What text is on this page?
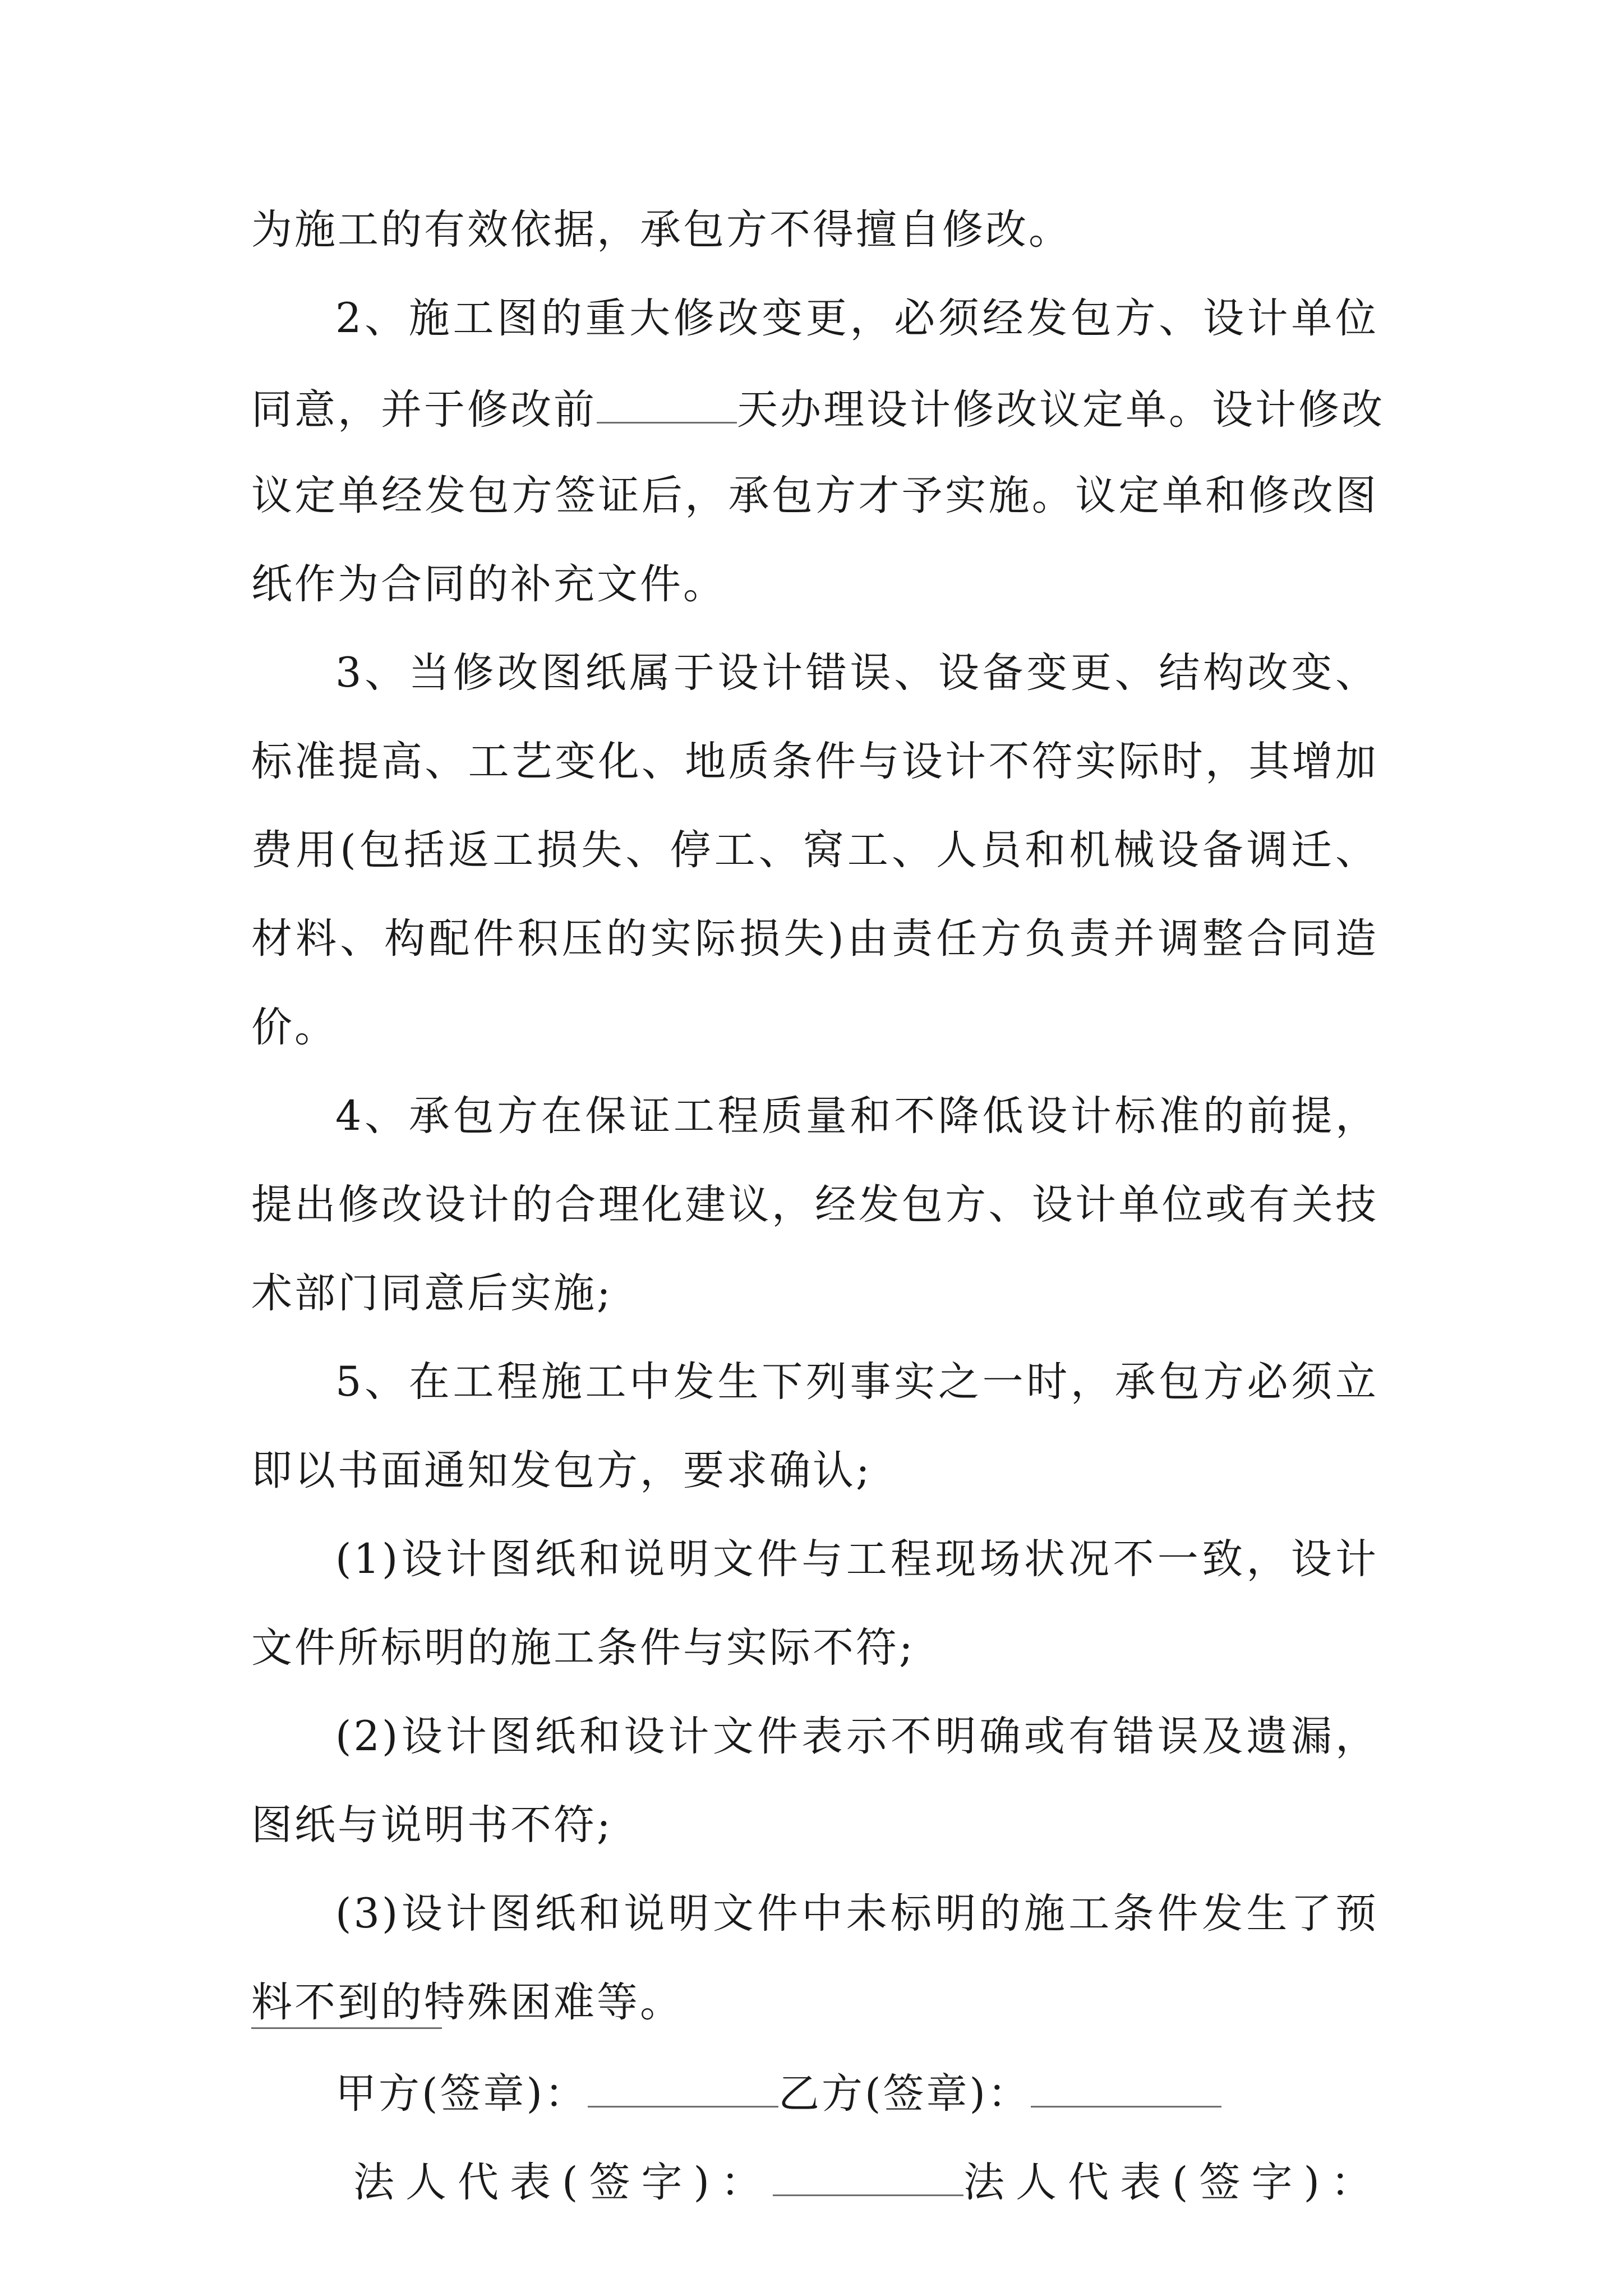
为施工的有效依据，承包方不得擅自修改。

2、施工图的重大修改变更，必须经发包方、设计单位

同意，并于修改前	天办理设计修改议定单。设计修改

议定单经发包方签证后，承包方才予实施。议定单和修改图

纸作为合同的补充文件。

3、当修改图纸属于设计错误、设备变更、结构改变、

标准提高、工艺变化、地质条件与设计不符实际时，其增加

费用(包括返工损失、停工、窝工、人员和机械设备调迁、

材料、构配件积压的实际损失)由责任方负责并调整合同造

价。

4、承包方在保证工程质量和不降低设计标准的前提，

提出修改设计的合理化建议，经发包方、设计单位或有关技

术部门同意后实施;

5、在工程施工中发生下列事实之一时，承包方必须立

即以书面通知发包方，要求确认;

(1)设计图纸和说明文件与工程现场状况不一致，设计

文件所标明的施工条件与实际不符;

(2)设计图纸和设计文件表示不明确或有错误及遗漏，

图纸与说明书不符;

(3)设计图纸和说明文件中未标明的施工条件发生了预

料不到的特殊困难等。

甲方(签章)：	乙方(签章)：
法人代表(签字)：	法人代表(签字)：
